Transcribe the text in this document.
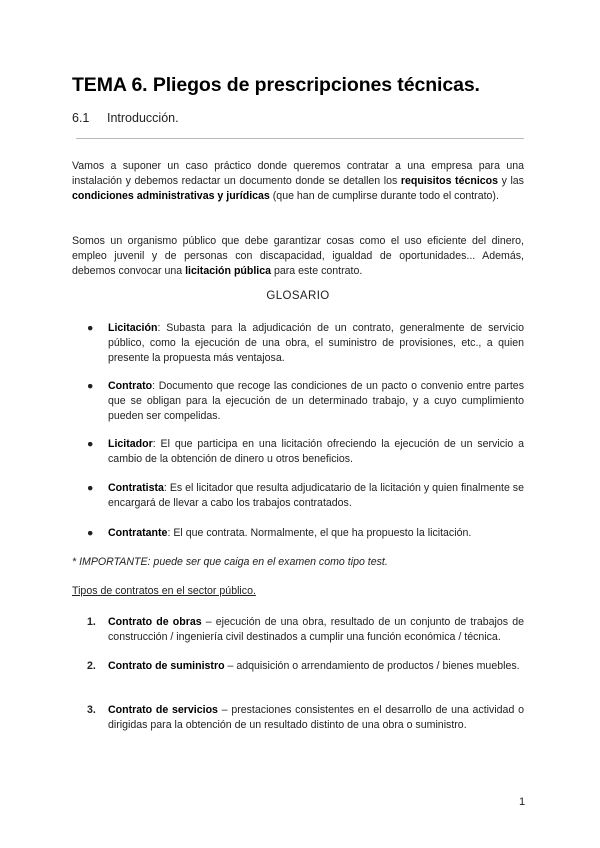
TEMA 6. Pliegos de prescripciones técnicas.
6.1 Introducción.

Vamos a suponer un caso práctico donde queremos contratar a una empresa para una instalación y debemos redactar un documento donde se detallen los requisitos técnicos y las condiciones administrativas y jurídicas (que han de cumplirse durante todo el contrato).

Somos un organismo público que debe garantizar cosas como el uso eficiente del dinero, empleo juvenil y de personas con discapacidad, igualdad de oportunidades... Además, debemos convocar una licitación pública para este contrato.

GLOSARIO
● Licitación: Subasta para la adjudicación de un contrato, generalmente de servicio público, como la ejecución de una obra, el suministro de provisiones, etc., a quien presente la propuesta más ventajosa.
● Contrato: Documento que recoge las condiciones de un pacto o convenio entre partes que se obligan para la ejecución de un determinado trabajo, y a cuyo cumplimiento pueden ser compelidas.
● Licitador: El que participa en una licitación ofreciendo la ejecución de un servicio a cambio de la obtención de dinero u otros beneficios.
● Contratista: Es el licitador que resulta adjudicatario de la licitación y quien finalmente se encargará de llevar a cabo los trabajos contratados.
● Contratante: El que contrata. Normalmente, el que ha propuesto la licitación.
* IMPORTANTE: puede ser que caiga en el examen como tipo test.
Tipos de contratos en el sector público.
1. Contrato de obras – ejecución de una obra, resultado de un conjunto de trabajos de construcción / ingeniería civil destinados a cumplir una función económica / técnica.
2. Contrato de suministro – adquisición o arrendamiento de productos / bienes muebles.
3. Contrato de servicios – prestaciones consistentes en el desarrollo de una actividad o dirigidas para la obtención de un resultado distinto de una obra o suministro.
1
